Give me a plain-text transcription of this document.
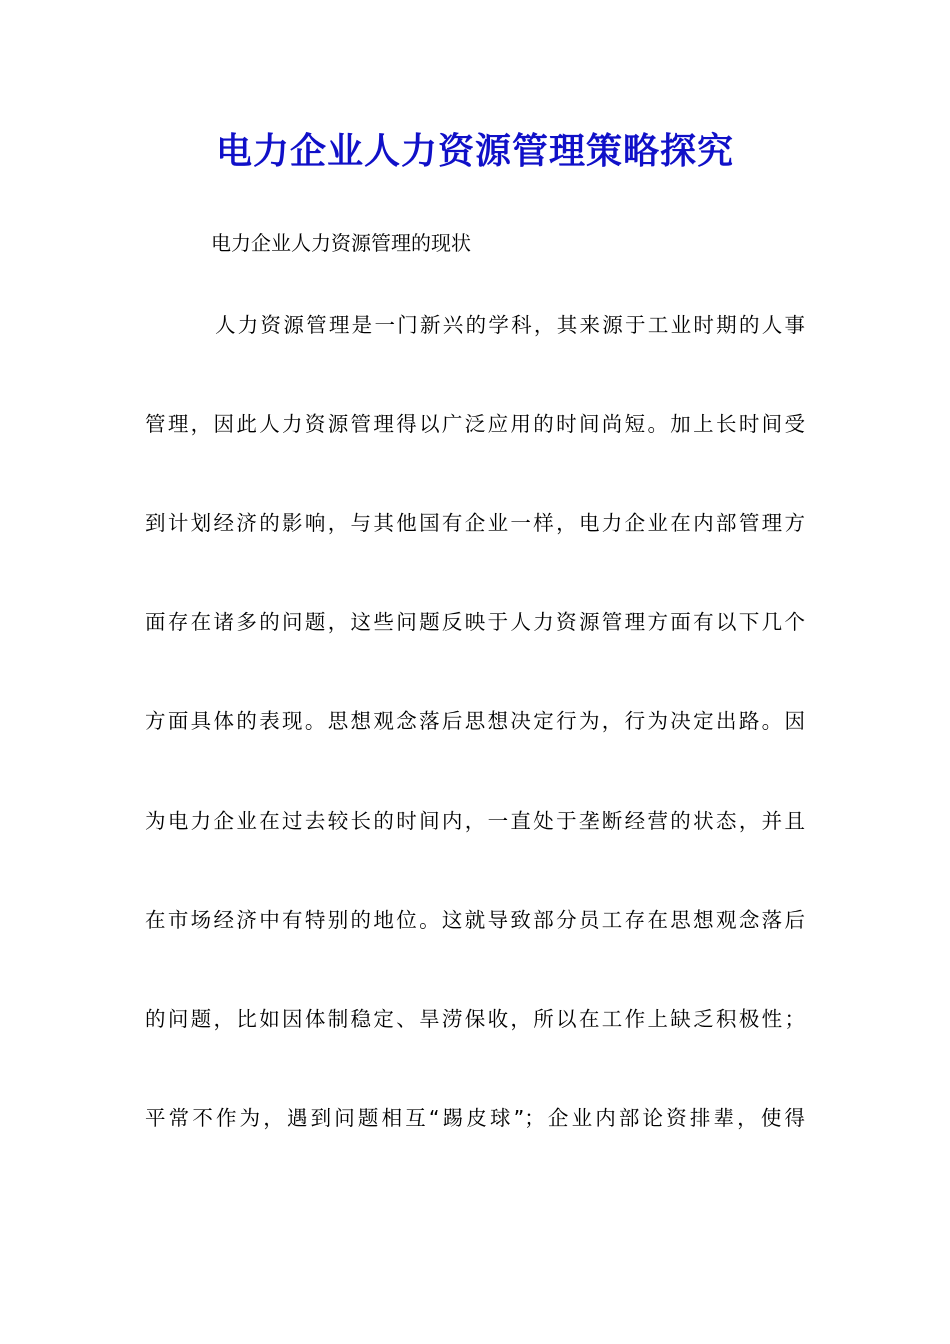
电力企业人力资源管理策略探究

电力企业人力资源管理的现状

人力资源管理是一门新兴的学科，其来源于工业时期的人事

管理，因此人力资源管理得以广泛应用的时间尚短。加上长时间受

到计划经济的影响，与其他国有企业一样，电力企业在内部管理方

面存在诸多的问题，这些问题反映于人力资源管理方面有以下几个

方面具体的表现。思想观念落后思想决定行为，行为决定出路。因

为电力企业在过去较长的时间内，一直处于垄断经营的状态，并且

在市场经济中有特别的地位。这就导致部分员工存在思想观念落后

的问题，比如因体制稳定、旱涝保收，所以在工作上缺乏积极性；

平常不作为，遇到问题相互“踢皮球”；企业内部论资排辈，使得
